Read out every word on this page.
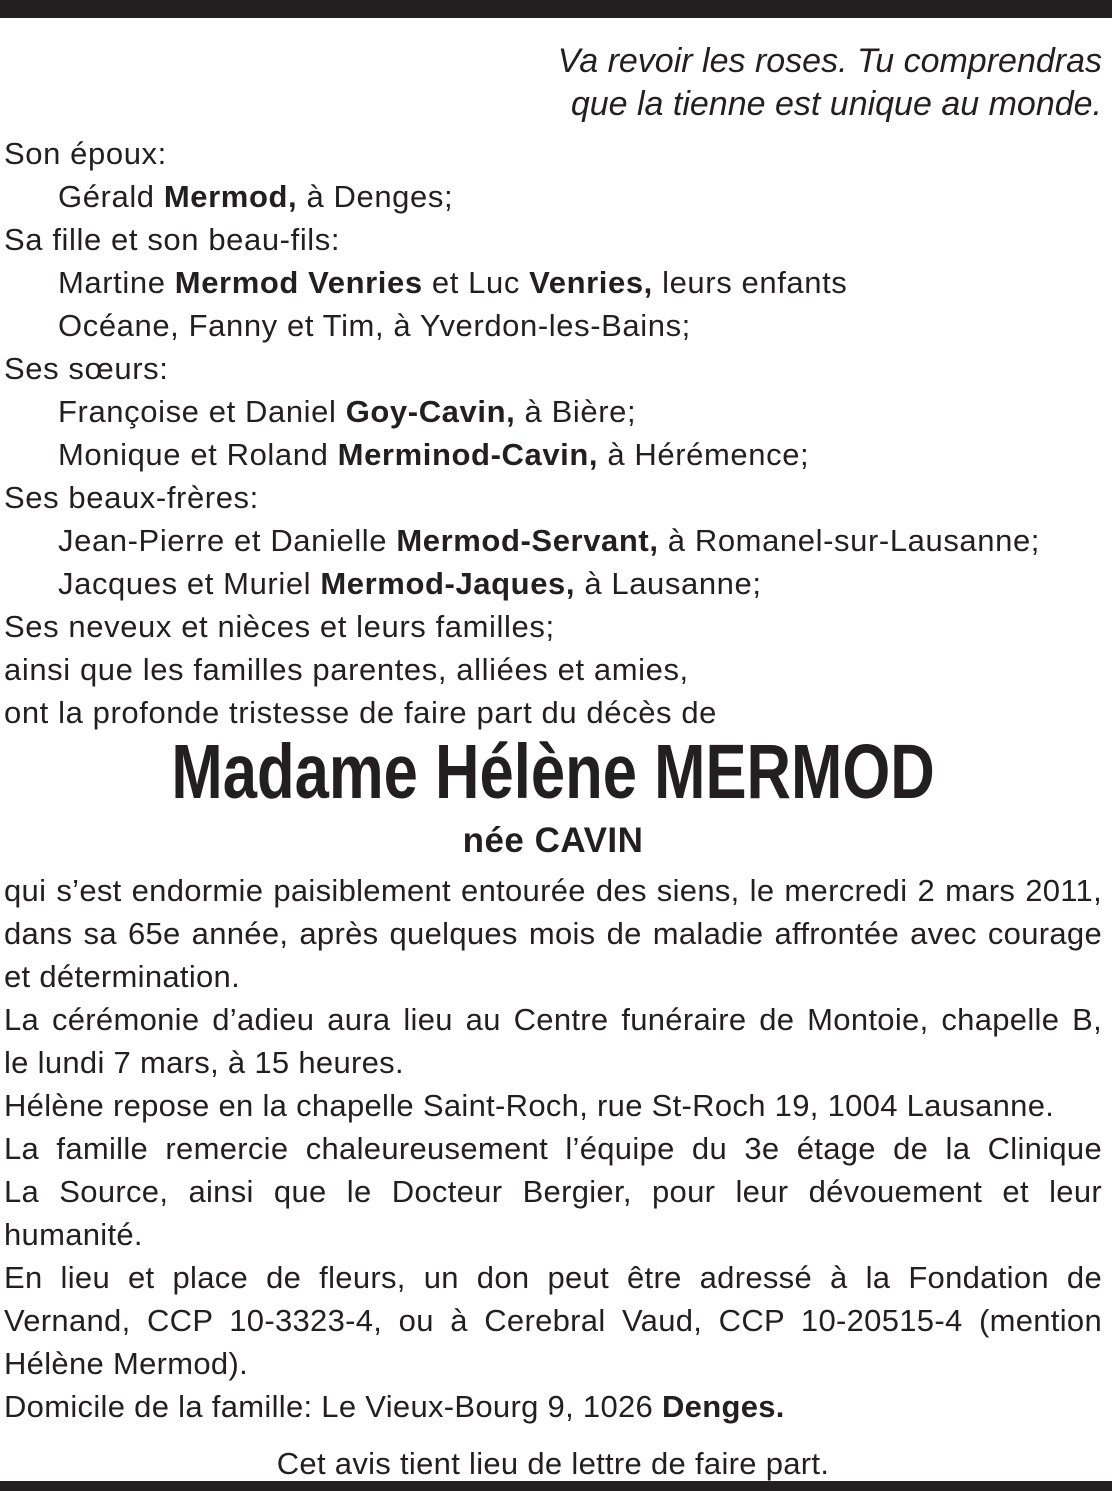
Va revoir les roses. Tu comprendras
que la tienne est unique au monde.
Son époux:
Gérald Mermod, à Denges;
Sa fille et son beau-fils:
Martine Mermod Venries et Luc Venries, leurs enfants
Océane, Fanny et Tim, à Yverdon-les-Bains;
Ses sœurs:
Françoise et Daniel Goy-Cavin, à Bière;
Monique et Roland Merminod-Cavin, à Hérémence;
Ses beaux-frères:
Jean-Pierre et Danielle Mermod-Servant, à Romanel-sur-Lausanne;
Jacques et Muriel Mermod-Jaques, à Lausanne;
Ses neveux et nièces et leurs familles;
ainsi que les familles parentes, alliées et amies,
ont la profonde tristesse de faire part du décès de
Madame Hélène MERMOD
née CAVIN
qui s’est endormie paisiblement entourée des siens, le mercredi 2 mars 2011,
dans sa 65e année, après quelques mois de maladie affrontée avec courage
et détermination.
La cérémonie d’adieu aura lieu au Centre funéraire de Montoie, chapelle B,
le lundi 7 mars, à 15 heures.
Hélène repose en la chapelle Saint-Roch, rue St-Roch 19, 1004 Lausanne.
La famille remercie chaleureusement l’équipe du 3e étage de la Clinique
La Source, ainsi que le Docteur Bergier, pour leur dévouement et leur
humanité.
En lieu et place de fleurs, un don peut être adressé à la Fondation de
Vernand, CCP 10-3323-4, ou à Cerebral Vaud, CCP 10-20515-4 (mention
Hélène Mermod).
Domicile de la famille: Le Vieux-Bourg 9, 1026 Denges.
Cet avis tient lieu de lettre de faire part.
